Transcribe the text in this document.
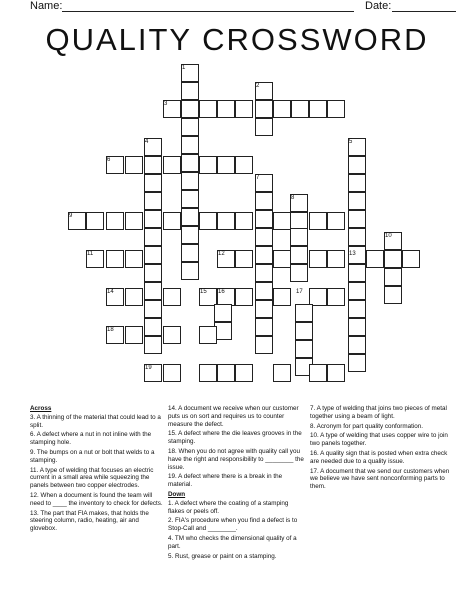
Name:	Date:
QUALITY CROSSWORD
1
2
3
4	5
6
7
8
9
10
11	12	13
14	15 16	17
18
19

Across

3. A thinning of the material that could lead to a split.

6. A defect where a nut in not inline with the stamping hole.

9. The bumps on a nut or bolt that welds to a stamping.

11. A type of welding that focuses an electric current in a small area while squeezing the panels between two copper electrodes.

12. When a document is found the team will need to ____ the inventory to check for defects.

13. The part that FIA makes, that holds the steering column, radio, heating, air and glovebox.

14. A document we receive when our customer puts us on sort and requires us to counter measure the defect.

15. A defect where the die leaves grooves in the stamping.

18. When you do not agree with quality call you have the right and responsibility to ________ the issue.

19. A defect where there is a break in the material.

Down

1. A defect where the coating of a stamping flakes or peels off.

2. FIA's procedure when you find a defect is to Stop-Call and ________.

4. TM who checks the dimensional quality of a part.

5. Rust, grease or paint on a stamping.

7. A type of welding that joins two pieces of metal together using a beam of light.

8. Acronym for part quality conformation.

10. A type of welding that uses copper wire to join two panels together.

16. A quality sign that is posted when extra check are needed due to a quality issue.

17. A document that we send our customers when we believe we have sent nonconforming parts to them.
